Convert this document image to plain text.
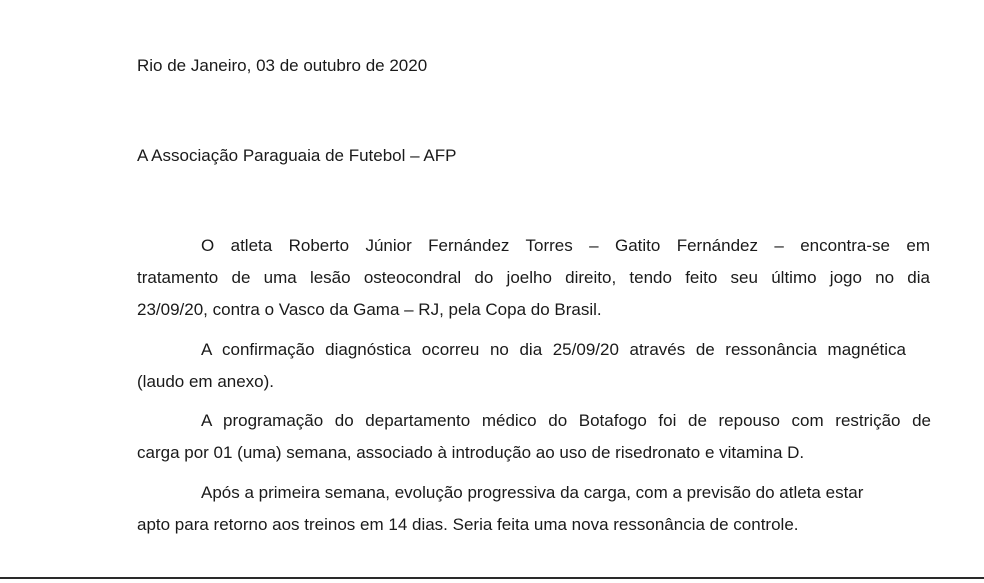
Rio de Janeiro, 03 de outubro de 2020
A Associação Paraguaia de Futebol – AFP
O atleta Roberto Júnior Fernández Torres – Gatito Fernández – encontra-se em
tratamento de uma lesão osteocondral do joelho direito, tendo feito seu último jogo no dia
23/09/20, contra o Vasco da Gama – RJ, pela Copa do Brasil.
A confirmação diagnóstica ocorreu no dia 25/09/20 através de ressonância magnética
(laudo em anexo).
A programação do departamento médico do Botafogo foi de repouso com restrição de
carga por 01 (uma) semana, associado à introdução ao uso de risedronato e vitamina D.
Após a primeira semana, evolução progressiva da carga, com a previsão do atleta estar
apto para retorno aos treinos em 14 dias. Seria feita uma nova ressonância de controle.
